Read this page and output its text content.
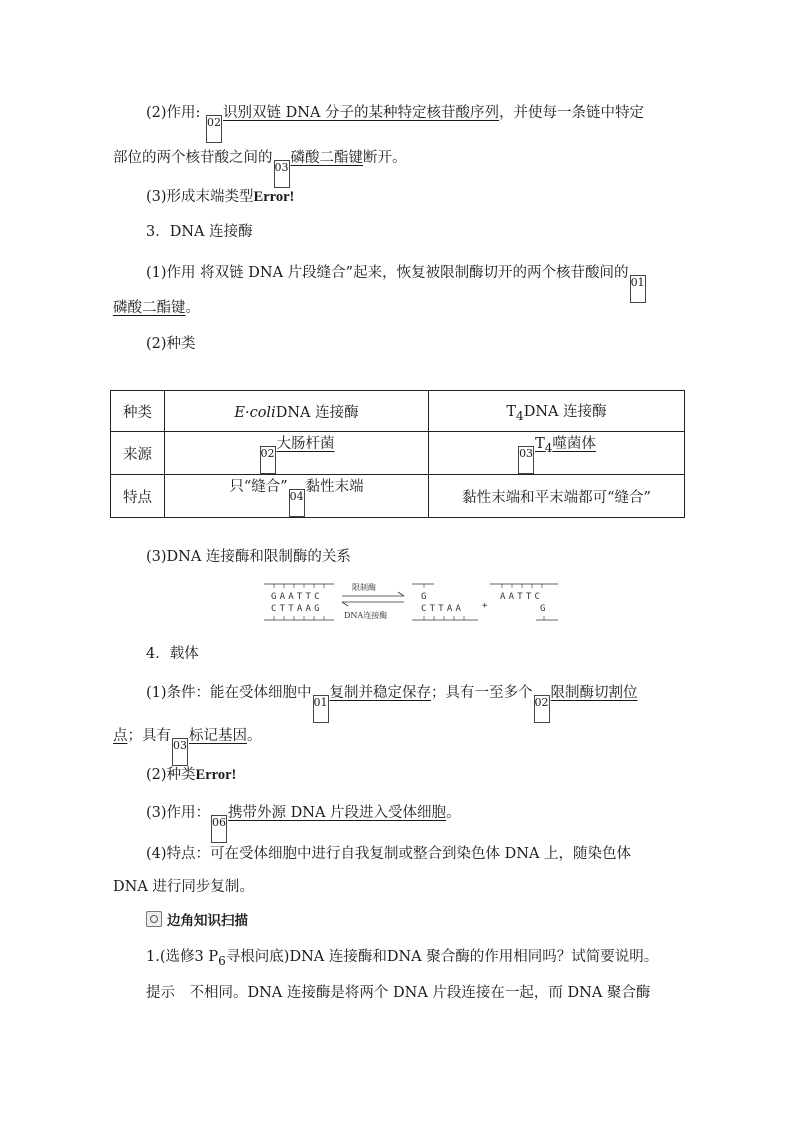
(2)作用: 02识别双链 DNA 分子的某种特定核苷酸序列，并使每一条链中特定
部位的两个核苷酸之间的03磷酸二酯键断开。
(3)形成末端类型Error!
3．DNA 连接酶
(1)作用 将双链 DNA 片段缝合”起来，恢复被限制酶切开的两个核苷酸间的01
磷酸二酯键。
(2)种类
种类	E·coliDNA 连接酶	$T_4DNA$ 连接酶
来源	02大肠杆菌	$03T_4$噬菌体
特点	只“缝合”04黏性末端	黏性末端和平末端都可“缝合”
(3)DNA 连接酶和限制酶的关系
GAATTC
CTTAAG
限制酶
DNA连接酶
G
CTTAA +
AATTC
G
4．载体
(1)条件：能在受体细胞中01复制并稳定保存；具有一至多个02限制酶切割位
点；具有03标记基因。
(2)种类Error!
(3)作用：06携带外源 DNA 片段进入受体细胞。
(4)特点：可在受体细胞中进行自我复制或整合到染色体 DNA 上，随染色体
DNA 进行同步复制。
边角知识扫描
1.(选修3 $P_6$寻根问底)DNA 连接酶和DNA 聚合酶的作用相同吗？试简要说明。
提示　不相同。DNA 连接酶是将两个 DNA 片段连接在一起，而 DNA 聚合酶
